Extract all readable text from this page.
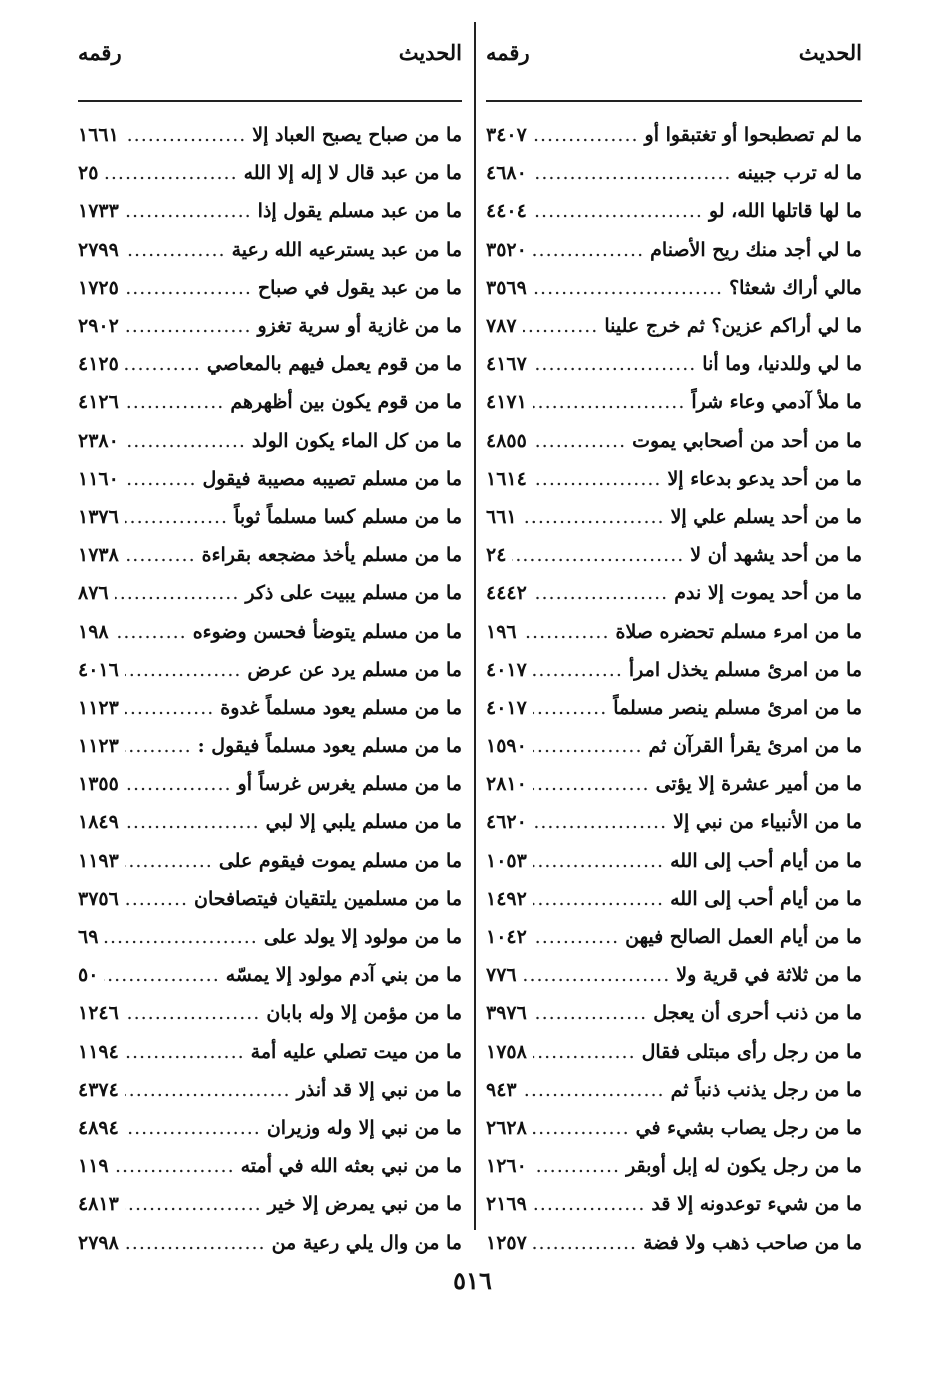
الحديث
رقمه
ما لم تصطبحوا أو تغتبقوا أو
.....
٣٤٠٧
ما له ترب جبينه
.....
٤٦٨٠
ما لها قاتلها الله، لو
.....
٤٤٠٤
ما لي أجد منك ريح الأصنام
.....
٣٥٢٠
مالي أراك شعثا؟
.....
٣٥٦٩
ما لي أراكم عزين؟ ثم خرج علينا
.....
٧٨٧
ما لي وللدنيا، وما أنا
.....
٤١٦٧
ما ملأ آدمي وعاء شراً
.....
٤١٧١
ما من أحد من أصحابي يموت
.....
٤٨٥٥
ما من أحد يدعو بدعاء إلا
.....
١٦١٤
ما من أحد يسلم علي إلا
.....
٦٦١
ما من أحد يشهد أن لا
.....
٢٤
ما من أحد يموت إلا ندم
.....
٤٤٤٢
ما من امرء مسلم تحضره صلاة
.....
١٩٦
ما من امرئ مسلم يخذل امرأ
.....
٤٠١٧
ما من امرئ مسلم ينصر مسلماً
.....
٤٠١٧
ما من امرئ يقرأ القرآن ثم
.....
١٥٩٠
ما من أمير عشرة إلا يؤتى
.....
٢٨١٠
ما من الأنبياء من نبي إلا
.....
٤٦٢٠
ما من أيام أحب إلى الله
.....
١٠٥٣
ما من أيام أحب إلى الله
.....
١٤٩٢
ما من أيام العمل الصالح فيهن
.....
١٠٤٢
ما من ثلاثة في قرية ولا
.....
٧٧٦
ما من ذنب أحرى أن يعجل
.....
٣٩٧٦
ما من رجل رأى مبتلى فقال
.....
١٧٥٨
ما من رجل يذنب ذنباً ثم
.....
٩٤٣
ما من رجل يصاب بشيء في
.....
٢٦٢٨
ما من رجل يكون له إبل أوبقر
.....
١٢٦٠
ما من شيء توعدونه إلا قد
.....
٢١٦٩
ما من صاحب ذهب ولا فضة
.....
١٢٥٧
الحديث
رقمه
ما من صباح يصبح العباد إلا
.....
١٦٦١
ما من عبد قال لا إله إلا الله
.....
٢٥
ما من عبد مسلم يقول إذا
.....
١٧٣٣
ما من عبد يسترعيه الله رعية
.....
٢٧٩٩
ما من عبد يقول في صباح
.....
١٧٢٥
ما من غازية أو سرية تغزو
.....
٢٩٠٢
ما من قوم يعمل فيهم بالمعاصي
.....
٤١٢٥
ما من قوم يكون بين أظهرهم
.....
٤١٢٦
ما من كل الماء يكون الولد
.....
٢٣٨٠
ما من مسلم تصيبه مصيبة فيقول
.....
١١٦٠
ما من مسلم كسا مسلماً ثوباً
.....
١٣٧٦
ما من مسلم يأخذ مضجعه بقراءة
.....
١٧٣٨
ما من مسلم يبيت على ذكر
.....
٨٧٦
ما من مسلم يتوضأ فحسن وضوءه
.....
١٩٨
ما من مسلم يرد عن عرض
.....
٤٠١٦
ما من مسلم يعود مسلماً غدوة
.....
١١٢٣
ما من مسلم يعود مسلماً فيقول :
.....
١١٢٣
ما من مسلم يغرس غرساً أو
.....
١٣٥٥
ما من مسلم يلبي إلا لبي
.....
١٨٤٩
ما من مسلم يموت فيقوم على
.....
١١٩٣
ما من مسلمين يلتقيان فيتصافحان
.....
٣٧٥٦
ما من مولود إلا يولد على
.....
٦٩
ما من بني آدم مولود إلا يمسّه
.....
٥٠
ما من مؤمن إلا وله بابان
.....
١٢٤٦
ما من ميت تصلي عليه أمة
.....
١١٩٤
ما من نبي إلا قد أنذر
.....
٤٣٧٤
ما من نبي إلا وله وزيران
.....
٤٨٩٤
ما من نبي بعثه الله في أمته
.....
١١٩
ما من نبي يمرض إلا خير
.....
٤٨١٣
ما من وال يلي رعية من
.....
٢٧٩٨
٥١٦
